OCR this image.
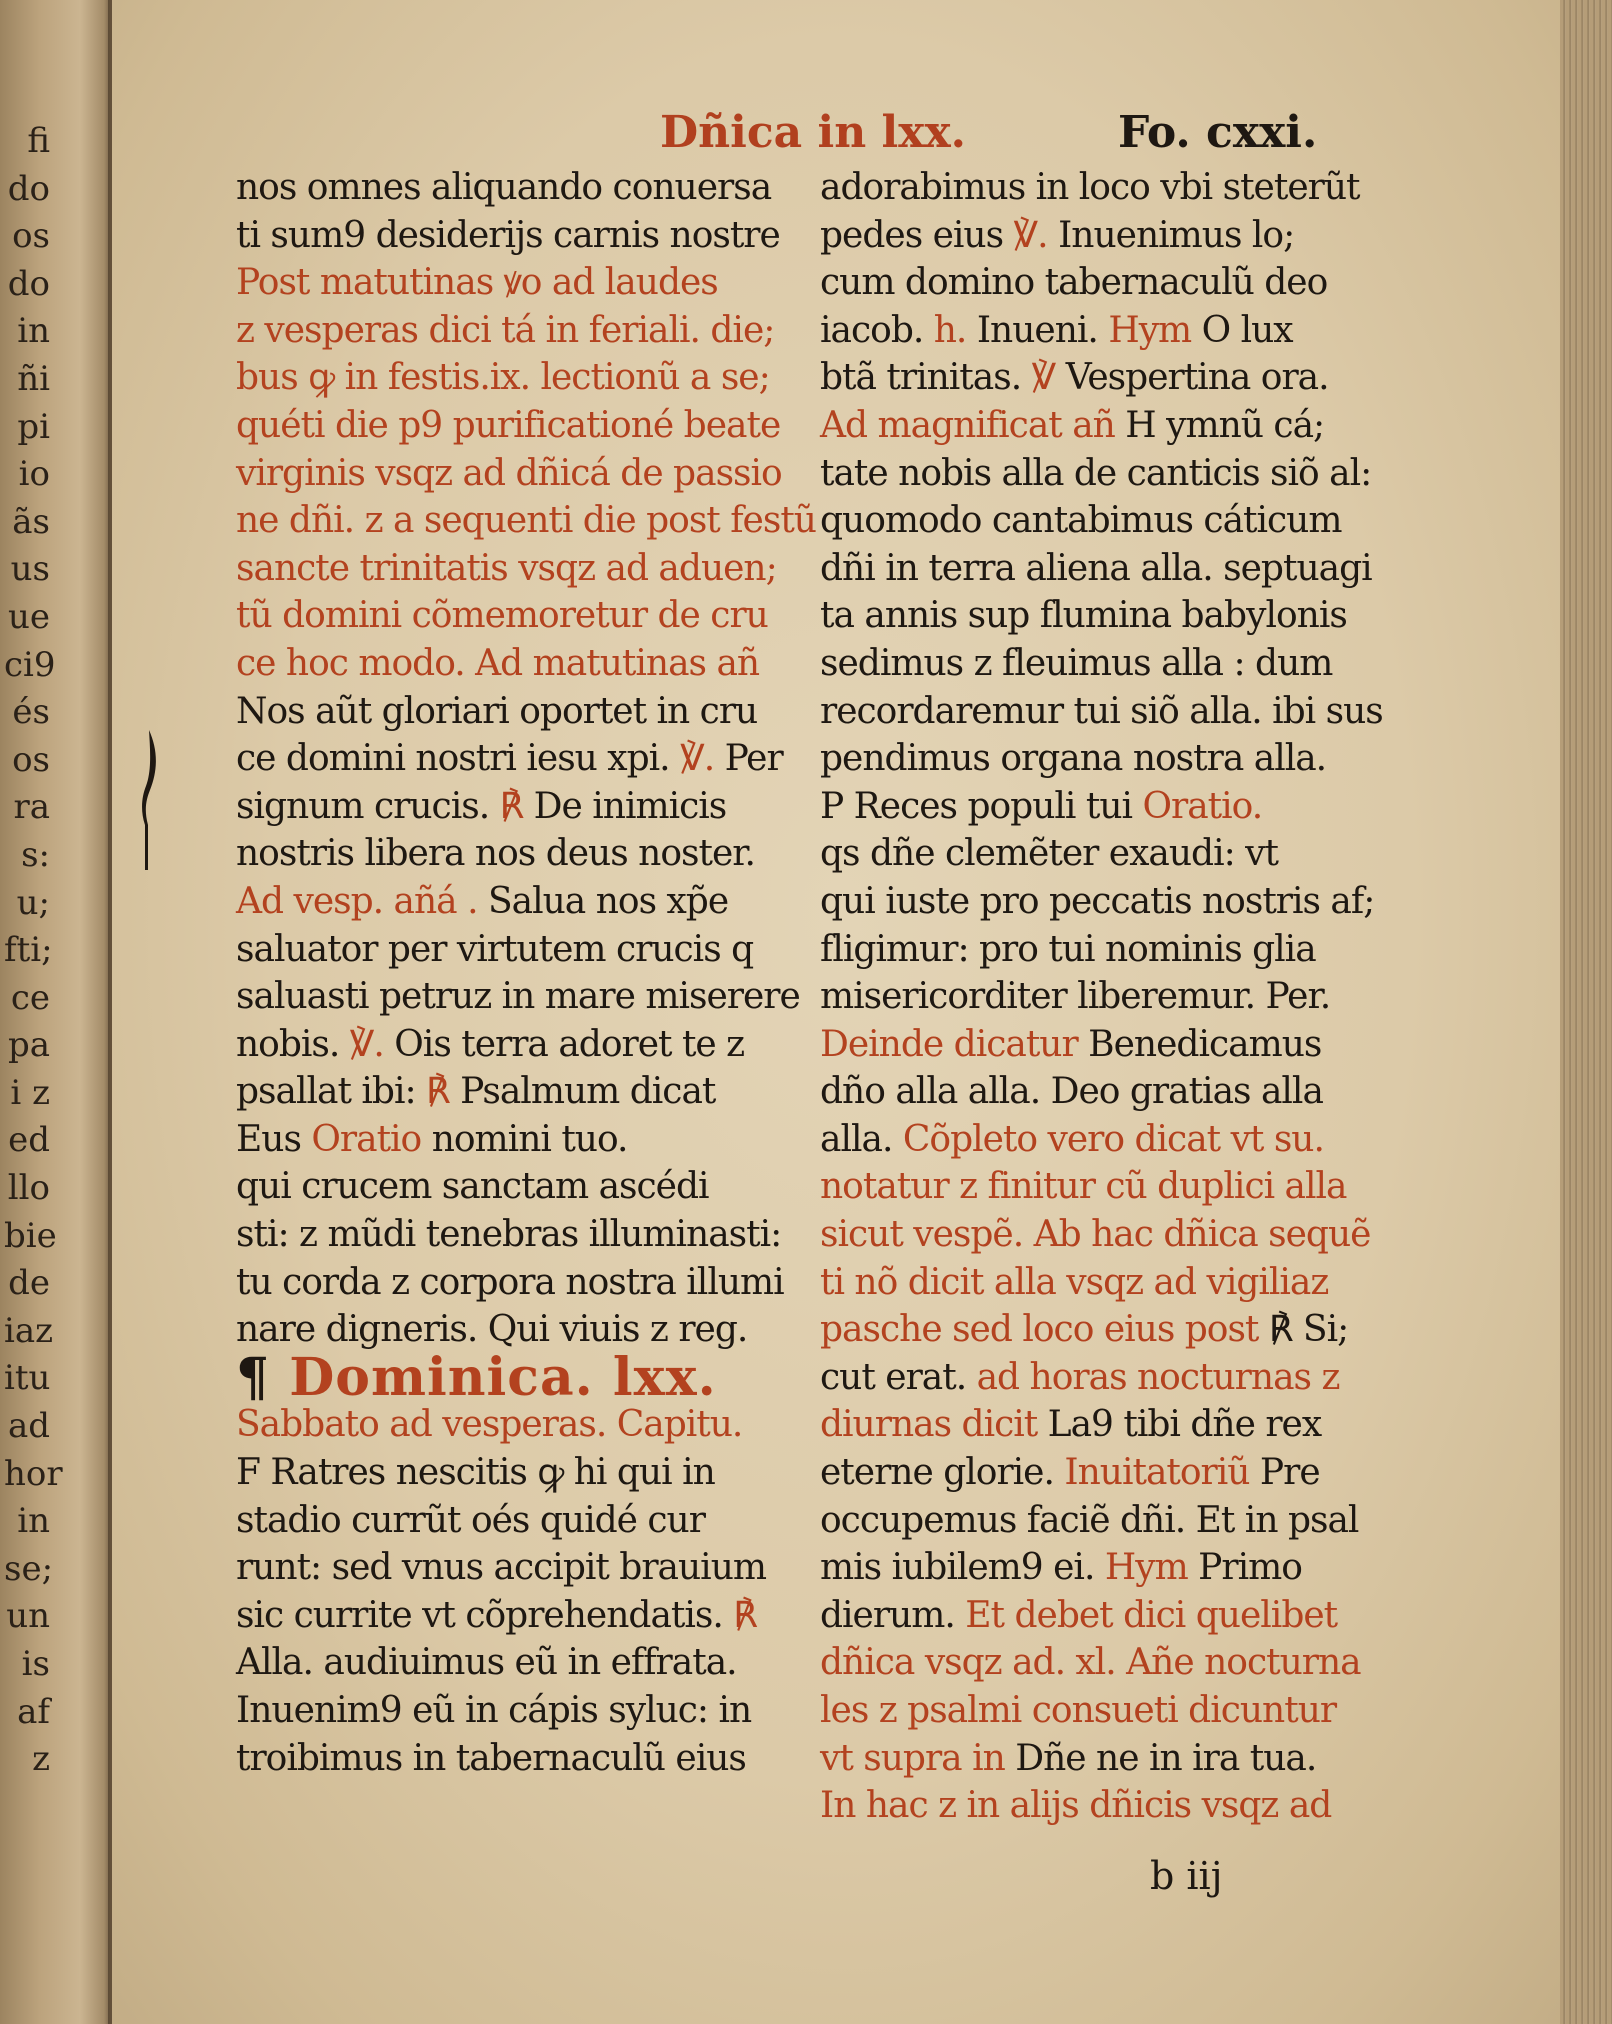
fi
do
os
do
in
ñi
pi
io
ãs
us
ue
ci9
és
os
ra
s:
u;
fti;
ce
pa
i z
ed
llo
bie
de
iaz
itu
ad
hor
in
se;
un
is
af
z
Dñica in lxx.	Fo. cxxi.
nos omnes aliquando conuersa
ti sum9 desiderijs carnis nostre
Post matutinas ꝟo ad laudes
z vesperas dici tá in feriali. die;
bus ꝙ in festis.ix. lectionũ a se;
quéti die p9 purificationé beate
virginis vsqz ad dñicá de passio
ne dñi. z a sequenti die post festũ
sancte trinitatis vsqz ad aduen;
tũ domini cõmemoretur de cru
ce hoc modo. Ad matutinas añ
Nos aũt gloriari oportet in cru
ce domini nostri iesu xpi. ℣. Per
signum crucis. ℟ De inimicis
nostris libera nos deus noster.
Ad vesp. añá . Salua nos xp̃e
saluator per virtutem crucis q
saluasti petruz in mare miserere
nobis. ℣. Ois terra adoret te z
psallat ibi: ℟ Psalmum dicat
Eus Oratio nomini tuo.
qui crucem sanctam ascédi
sti: z mũdi tenebras illuminasti:
tu corda z corpora nostra illumi
nare digneris. Qui viuis z reg.
¶ Dominica. lxx.
Sabbato ad vesperas. Capitu.
F Ratres nescitis ꝙ hi qui in
stadio currũt oés quidé cur
runt: sed vnus accipit brauium
sic currite vt cõprehendatis. ℟
Alla. audiuimus eũ in effrata.
Inuenim9 eũ in cápis syluc: in
troibimus in tabernaculũ eius
adorabimus in loco vbi steterũt
pedes eius ℣. Inuenimus lo;
cum domino tabernaculũ deo
iacob. h. Inueni. Hym O lux
btã trinitas. ℣ Vespertina ora.
Ad magnificat añ H ymnũ cá;
tate nobis alla de canticis siõ al:
quomodo cantabimus cáticum
dñi in terra aliena alla. septuagi
ta annis sup flumina babylonis
sedimus z fleuimus alla : dum
recordaremur tui siõ alla. ibi sus
pendimus organa nostra alla.
P Reces populi tui Oratio.
qs dñe clemẽter exaudi: vt
qui iuste pro peccatis nostris af;
fligimur: pro tui nominis glia
misericorditer liberemur. Per.
Deinde dicatur Benedicamus
dño alla alla. Deo gratias alla
alla. Cõpleto vero dicat vt su.
notatur z finitur cũ duplici alla
sicut vespẽ. Ab hac dñica sequẽ
ti nõ dicit alla vsqz ad vigiliaz
pasche sed loco eius post ℟ Si;
cut erat. ad horas nocturnas z
diurnas dicit La9 tibi dñe rex
eterne glorie. Inuitatoriũ Pre
occupemus faciẽ dñi. Et in psal
mis iubilem9 ei. Hym Primo
dierum. Et debet dici quelibet
dñica vsqz ad. xl. Añe nocturna
les z psalmi consueti dicuntur
vt supra in Dñe ne in ira tua.
In hac z in alijs dñicis vsqz ad
b iij
